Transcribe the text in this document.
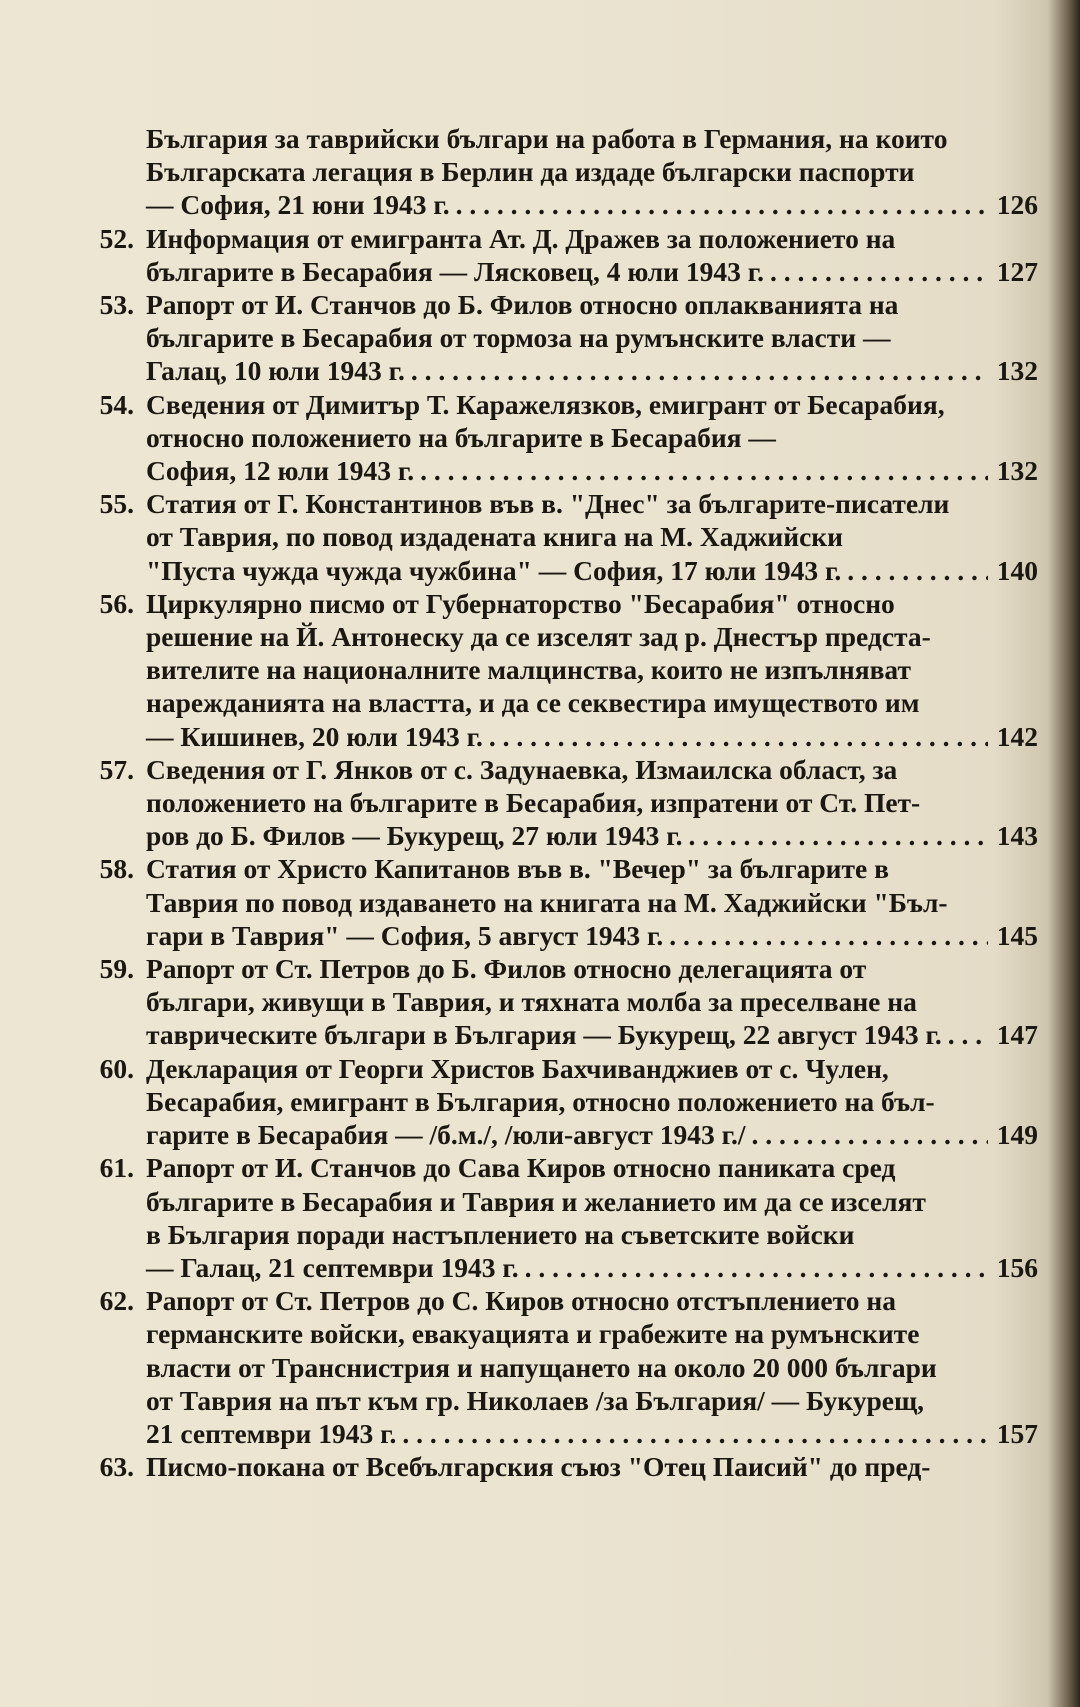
България за таврийски българи на работа в Германия, на които
Българската легация в Берлин да издаде български паспорти
— София, 21 юни 1943 г. . . .	126
52. Информация от емигранта Ат. Д. Дражев за положението на
българите в Бесарабия — Лясковец, 4 юли 1943 г. . . .	127
53. Рапорт от И. Станчов до Б. Филов относно оплакванията на
българите в Бесарабия от тормоза на румънските власти —
Галац, 10 юли 1943 г. . . .	132
54. Сведения от Димитър Т. Каражелязков, емигрант от Бесарабия,
относно положението на българите в Бесарабия —
София, 12 юли 1943 г. . . .	132
55. Статия от Г. Константинов във в. "Днес" за българите-писатели
от Таврия, по повод издадената книга на М. Хаджийски
"Пуста чужда чужда чужбина" — София, 17 юли 1943 г. . . .	140
56. Циркулярно писмо от Губернаторство "Бесарабия" относно
решение на Й. Антонеску да се изселят зад р. Днестър предста-
вителите на националните малцинства, които не изпълняват
нарежданията на властта, и да се секвестира имуществото им
— Кишинев, 20 юли 1943 г. . . .	142
57. Сведения от Г. Янков от с. Задунаевка, Измаилска област, за
положението на българите в Бесарабия, изпратени от Ст. Пет-
ров до Б. Филов — Букурещ, 27 юли 1943 г. . . .	143
58. Статия от Христо Капитанов във в. "Вечер" за българите в
Таврия по повод издаването на книгата на М. Хаджийски "Бъл-
гари в Таврия" — София, 5 август 1943 г. . . .	145
59. Рапорт от Ст. Петров до Б. Филов относно делегацията от
българи, живущи в Таврия, и тяхната молба за преселване на
таврическите българи в България — Букурещ, 22 август 1943 г. . . . 147
60. Декларация от Георги Христов Бахчиванджиев от с. Чулен,
Бесарабия, емигрант в България, относно положението на бъл-
гарите в Бесарабия — /б.м./, /юли-август 1943 г./ . . .	149
61. Рапорт от И. Станчов до Сава Киров относно паниката сред
българите в Бесарабия и Таврия и желанието им да се изселят
в България поради настъплението на съветските войски
— Галац, 21 септември 1943 г. . . .	156
62. Рапорт от Ст. Петров до С. Киров относно отстъплението на
германските войски, евакуацията и грабежите на румънските
власти от Транснистрия и напущането на около 20 000 българи
от Таврия на път към гр. Николаев /за България/ — Букурещ,
21 септември 1943 г. . . .	157
63. Писмо-покана от Всебългарския съюз "Отец Паисий" до пред-
